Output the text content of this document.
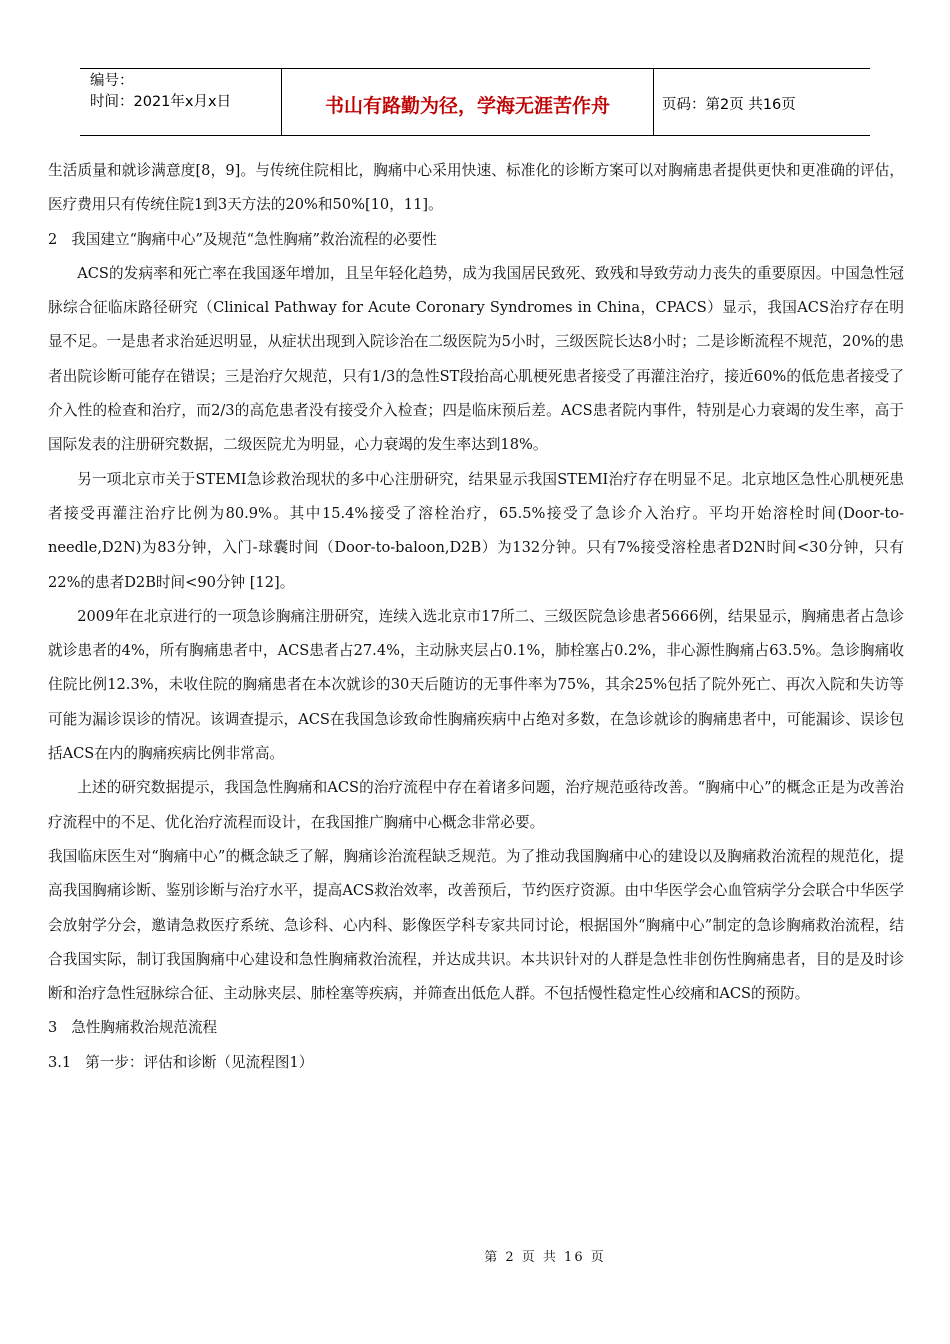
编号：
时间：2021年x月x日	书山有路勤为径，学海无涯苦作舟	页码：第2页 共16页

生活质量和就诊满意度[8，9]。与传统住院相比，胸痛中心采用快速、标准化的诊断方案可以对胸痛患者提供更快和更准确的评估，医疗费用只有传统住院1到3天方法的20%和50%[10，11]。

2   我国建立“胸痛中心”及规范“急性胸痛”救治流程的必要性

ACS的发病率和死亡率在我国逐年增加，且呈年轻化趋势，成为我国居民致死、致残和导致劳动力丧失的重要原因。中国急性冠脉综合征临床路径研究（Clinical Pathway for Acute Coronary Syndromes in China，CPACS）显示，我国ACS治疗存在明显不足。一是患者求治延迟明显，从症状出现到入院诊治在二级医院为5小时，三级医院长达8小时；二是诊断流程不规范，20%的患者出院诊断可能存在错误；三是治疗欠规范，只有1/3的急性ST段抬高心肌梗死患者接受了再灌注治疗，接近60%的低危患者接受了介入性的检查和治疗，而2/3的高危患者没有接受介入检查；四是临床预后差。ACS患者院内事件，特别是心力衰竭的发生率，高于国际发表的注册研究数据，二级医院尤为明显，心力衰竭的发生率达到18%。

另一项北京市关于STEMI急诊救治现状的多中心注册研究，结果显示我国STEMI治疗存在明显不足。北京地区急性心肌梗死患者接受再灌注治疗比例为80.9%。其中15.4%接受了溶栓治疗，65.5%接受了急诊介入治疗。平均开始溶栓时间(Door-to-needle,D2N)为83分钟，入门-球囊时间（Door-to-baloon,D2B）为132分钟。只有7%接受溶栓患者D2N时间<30分钟，只有22%的患者D2B时间<90分钟 [12]。

2009年在北京进行的一项急诊胸痛注册研究，连续入选北京市17所二、三级医院急诊患者5666例，结果显示，胸痛患者占急诊就诊患者的4%，所有胸痛患者中，ACS患者占27.4%，主动脉夹层占0.1%，肺栓塞占0.2%，非心源性胸痛占63.5%。急诊胸痛收住院比例12.3%，未收住院的胸痛患者在本次就诊的30天后随访的无事件率为75%，其余25%包括了院外死亡、再次入院和失访等可能为漏诊误诊的情况。该调查提示，ACS在我国急诊致命性胸痛疾病中占绝对多数，在急诊就诊的胸痛患者中，可能漏诊、误诊包括ACS在内的胸痛疾病比例非常高。

上述的研究数据提示，我国急性胸痛和ACS的治疗流程中存在着诸多问题，治疗规范亟待改善。“胸痛中心”的概念正是为改善治疗流程中的不足、优化治疗流程而设计，在我国推广胸痛中心概念非常必要。

我国临床医生对“胸痛中心”的概念缺乏了解，胸痛诊治流程缺乏规范。为了推动我国胸痛中心的建设以及胸痛救治流程的规范化，提高我国胸痛诊断、鉴别诊断与治疗水平，提高ACS救治效率，改善预后，节约医疗资源。由中华医学会心血管病学分会联合中华医学会放射学分会，邀请急救医疗系统、急诊科、心内科、影像医学科专家共同讨论，根据国外“胸痛中心”制定的急诊胸痛救治流程，结合我国实际，制订我国胸痛中心建设和急性胸痛救治流程，并达成共识。本共识针对的人群是急性非创伤性胸痛患者，目的是及时诊断和治疗急性冠脉综合征、主动脉夹层、肺栓塞等疾病，并筛查出低危人群。不包括慢性稳定性心绞痛和ACS的预防。

3   急性胸痛救治规范流程

3.1   第一步：评估和诊断（见流程图1）

第 2 页 共 16 页
